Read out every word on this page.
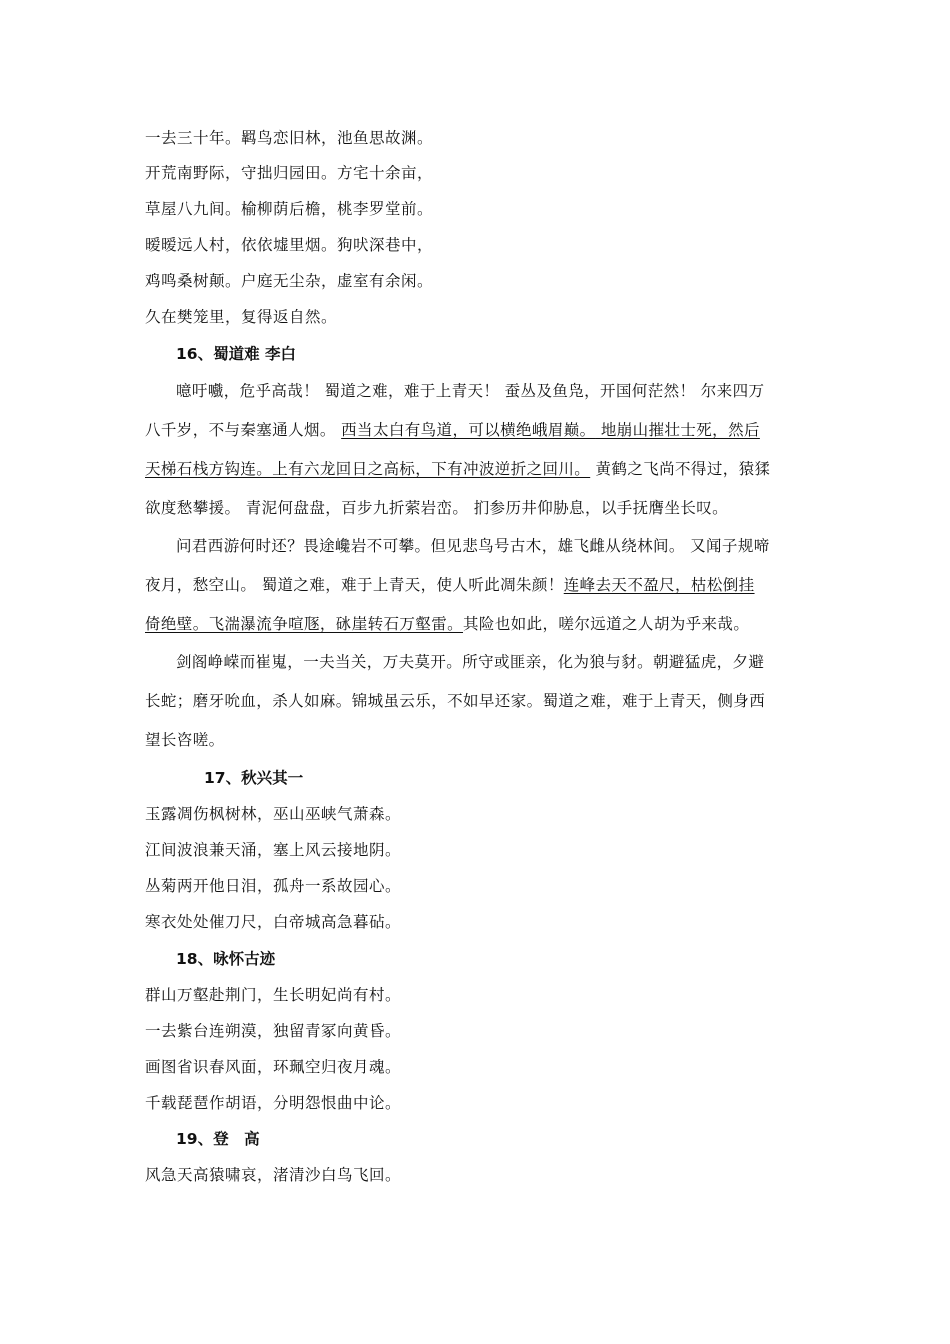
一去三十年。羁鸟恋旧林，池鱼思故渊。
开荒南野际，守拙归园田。方宅十余亩，
草屋八九间。榆柳荫后檐，桃李罗堂前。
暧暧远人村，依依墟里烟。狗吠深巷中，
鸡鸣桑树颠。户庭无尘杂，虚室有余闲。
久在樊笼里，复得返自然。
16、蜀道难 李白
噫吁嚱，危乎高哉！ 蜀道之难，难于上青天！ 蚕丛及鱼凫，开国何茫然！ 尔来四万
八千岁，不与秦塞通人烟。 西当太白有鸟道，可以横绝峨眉巅。 地崩山摧壮士死，然后
天梯石栈方钩连。上有六龙回日之高标，下有冲波逆折之回川。 黄鹤之飞尚不得过，猿猱
欲度愁攀援。 青泥何盘盘，百步九折萦岩峦。 扪参历井仰胁息，以手抚膺坐长叹。
问君西游何时还？畏途巉岩不可攀。但见悲鸟号古木，雄飞雌从绕林间。 又闻子规啼
夜月，愁空山。 蜀道之难，难于上青天，使人听此凋朱颜！连峰去天不盈尺，枯松倒挂
倚绝壁。飞湍瀑流争喧豗，砯崖转石万壑雷。其险也如此，嗟尔远道之人胡为乎来哉。
剑阁峥嵘而崔嵬，一夫当关，万夫莫开。所守或匪亲，化为狼与豺。朝避猛虎，夕避
长蛇；磨牙吮血，杀人如麻。锦城虽云乐，不如早还家。蜀道之难，难于上青天，侧身西
望长咨嗟。
17、秋兴其一
玉露凋伤枫树林，巫山巫峡气萧森。
江间波浪兼天涌，塞上风云接地阴。
丛菊两开他日泪，孤舟一系故园心。
寒衣处处催刀尺，白帝城高急暮砧。
18、咏怀古迹
群山万壑赴荆门，生长明妃尚有村。
一去紫台连朔漠，独留青冢向黄昏。
画图省识春风面，环珮空归夜月魂。
千载琵琶作胡语，分明怨恨曲中论。
19、登　高
风急天高猿啸哀，渚清沙白鸟飞回。
